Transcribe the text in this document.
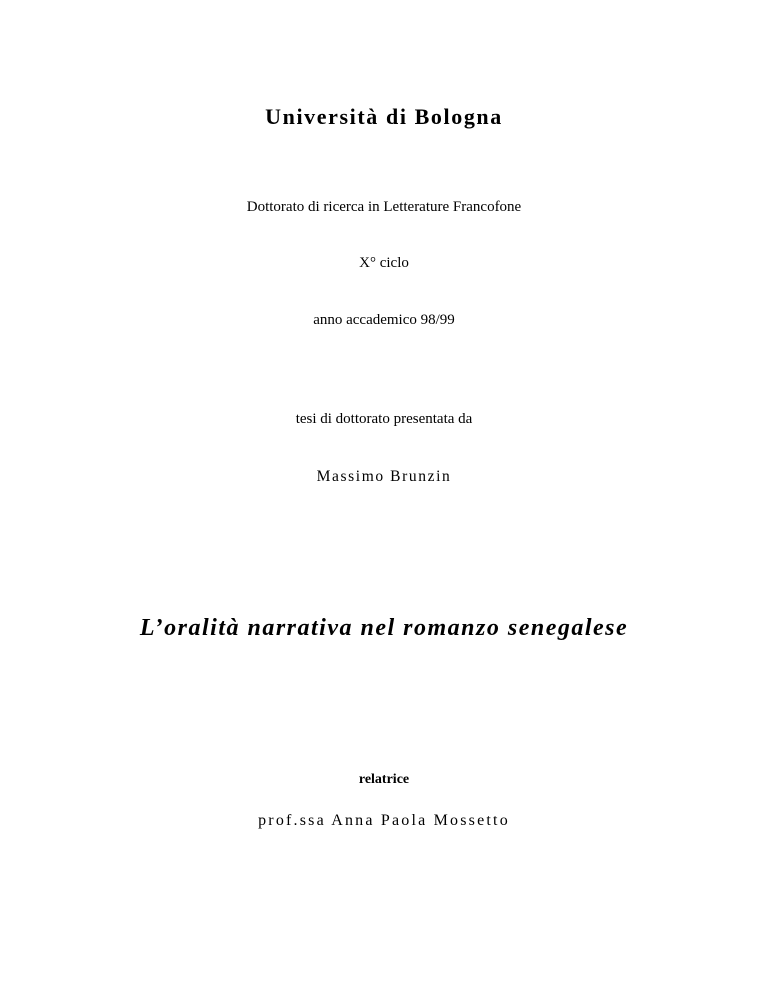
Università di Bologna

Dottorato di ricerca in Letterature Francofone

X° ciclo

anno accademico 98/99

tesi di dottorato presentata da

Massimo Brunzin

L’oralità narrativa nel romanzo senegalese

relatrice

prof.ssa Anna Paola Mossetto
